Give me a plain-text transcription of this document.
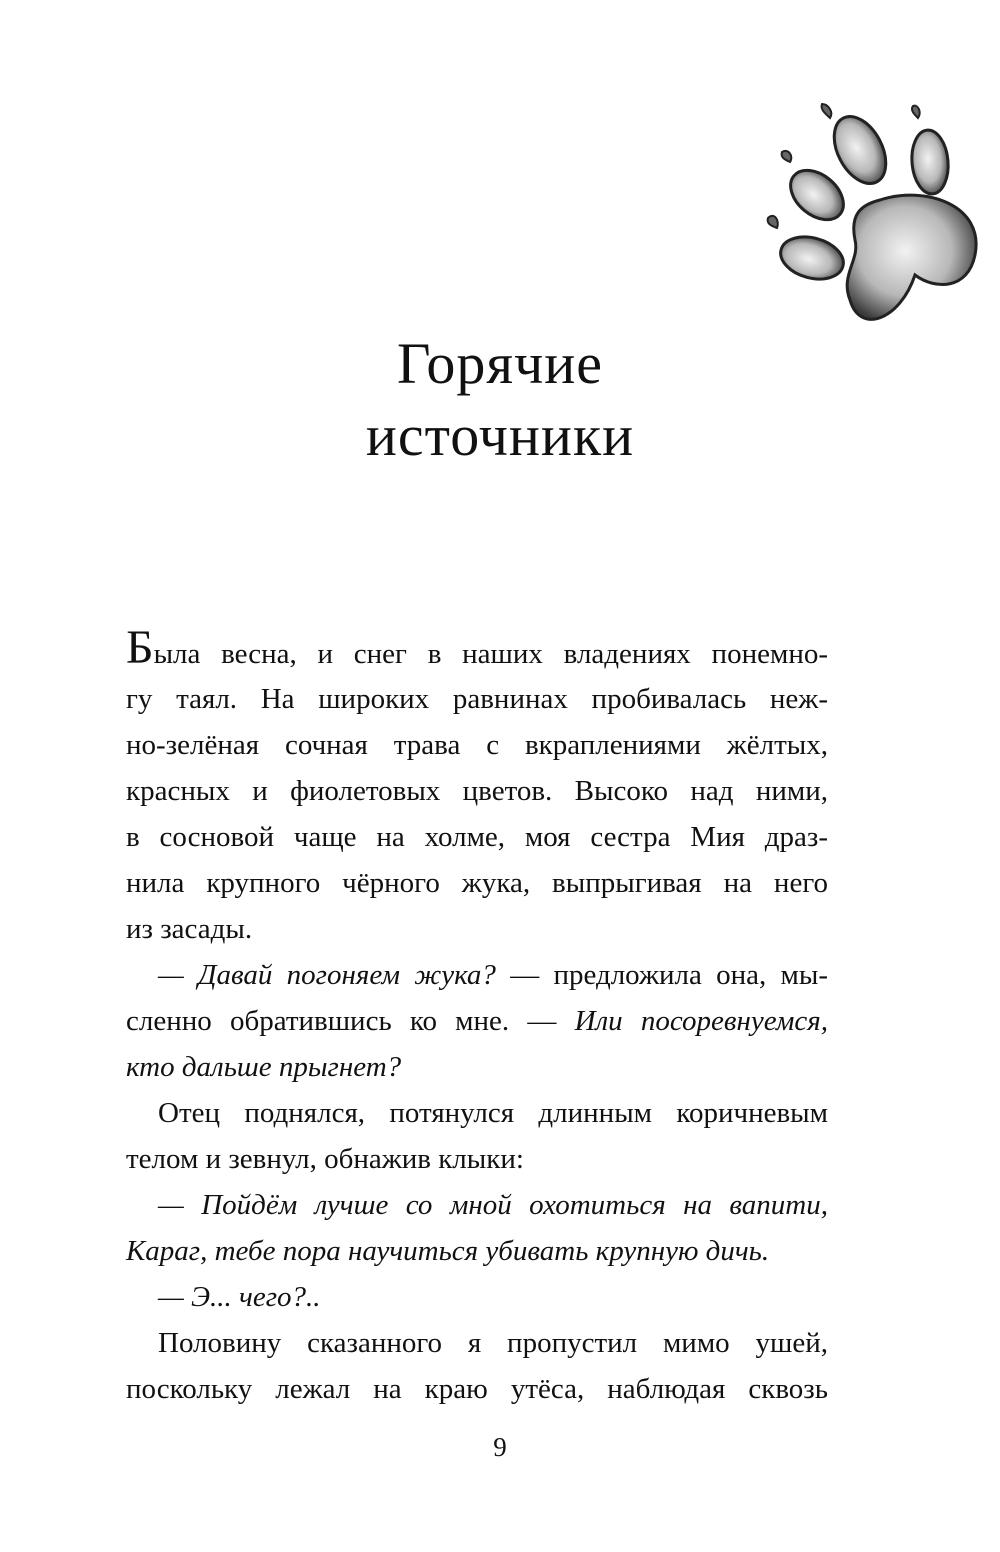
Горячие
источники
Была весна, и снег в наших владениях понемно-
гу таял. На широких равнинах пробивалась неж-
но-зелёная сочная трава с вкраплениями жёлтых,
красных и фиолетовых цветов. Высоко над ними,
в сосновой чаще на холме, моя сестра Мия драз-
нила крупного чёрного жука, выпрыгивая на него
из засады.
— Давай погоняем жука? — предложила она, мы-
сленно обратившись ко мне. — Или посоревнуемся,
кто дальше прыгнет?
Отец поднялся, потянулся длинным коричневым
телом и зевнул, обнажив клыки:
— Пойдём лучше со мной охотиться на вапити,
Караг, тебе пора научиться убивать крупную дичь.
— Э... чего?..
Половину сказанного я пропустил мимо ушей,
поскольку лежал на краю утёса, наблюдая сквозь
9
